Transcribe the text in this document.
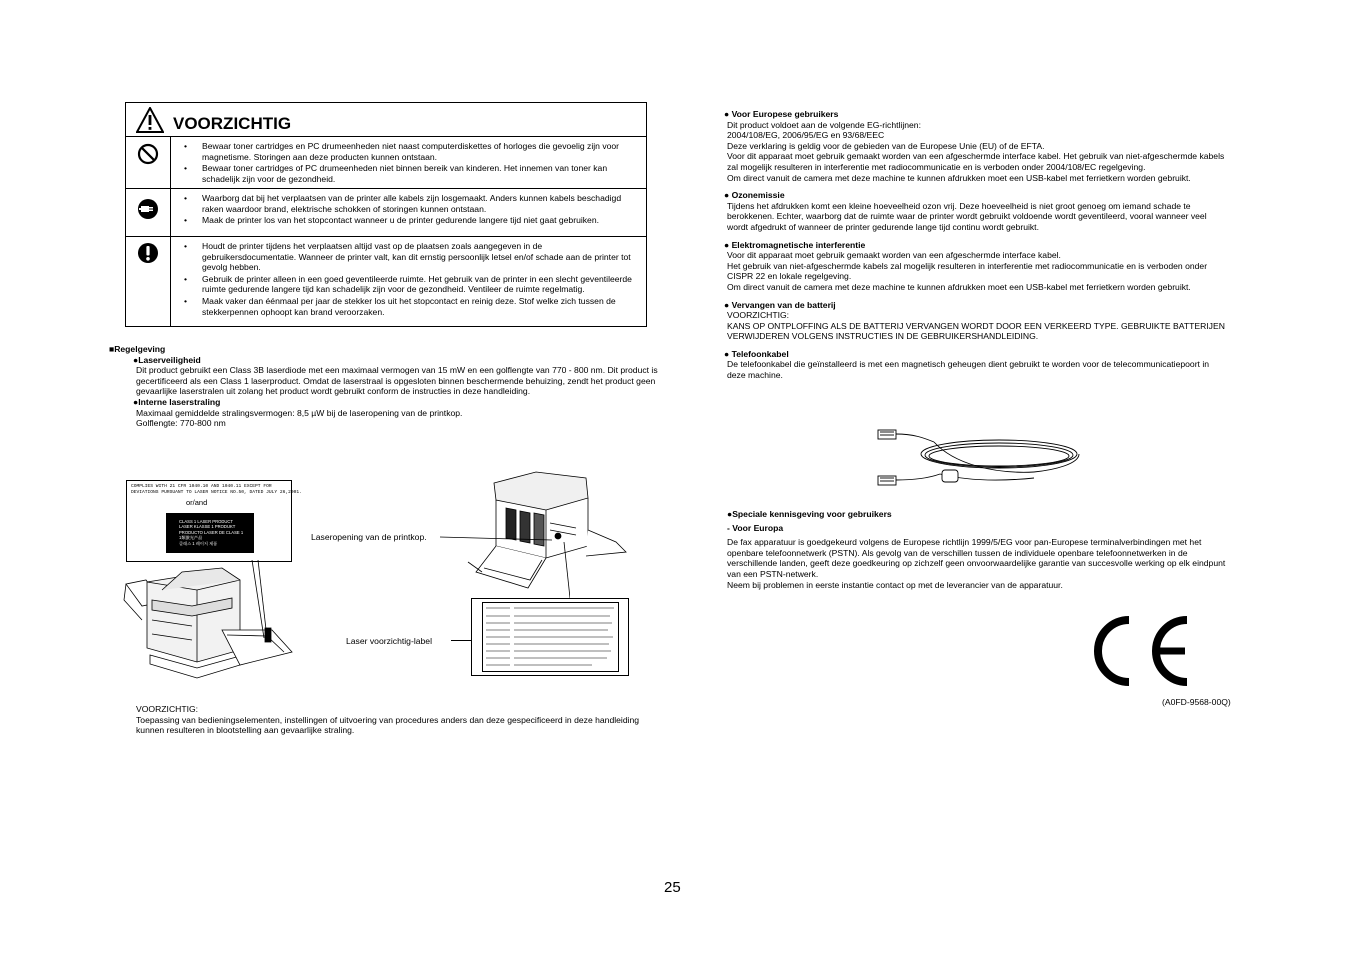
VOORZICHTIG
• Bewaar toner cartridges en PC drumeenheden niet naast computerdiskettes of horloges die gevoelig zijn voor magnetisme. Storingen aan deze producten kunnen ontstaan.
• Bewaar toner cartridges of PC drumeenheden niet binnen bereik van kinderen. Het innemen van toner kan schadelijk zijn voor de gezondheid.
• Waarborg dat bij het verplaatsen van de printer alle kabels zijn losgemaakt. Anders kunnen kabels beschadigd raken waardoor brand, elektrische schokken of storingen kunnen ontstaan.
• Maak de printer los van het stopcontact wanneer u de printer gedurende langere tijd niet gaat gebruiken.
• Houdt de printer tijdens het verplaatsen altijd vast op de plaatsen zoals aangegeven in de gebruikersdocumentatie. Wanneer de printer valt, kan dit ernstig persoonlijk letsel en/of schade aan de printer tot gevolg hebben.
• Gebruik de printer alleen in een goed geventileerde ruimte. Het gebruik van de printer in een slecht geventileerde ruimte gedurende langere tijd kan schadelijk zijn voor de gezondheid. Ventileer de ruimte regelmatig.
• Maak vaker dan éénmaal per jaar de stekker los uit het stopcontact en reinig deze. Stof welke zich tussen de stekkerpennen ophoopt kan brand veroorzaken.

■Regelgeving

●Laserveiligheid

Dit product gebruikt een Class 3B laserdiode met een maximaal vermogen van 15 mW en een golflengte van 770 - 800 nm. Dit product is gecertificeerd als een Class 1 laserproduct. Omdat de laserstraal is opgesloten binnen beschermende behuizing, zendt het product geen gevaarlijke laserstralen uit zolang het product wordt gebruikt conform de instructies in deze handleiding.

●Interne laserstraling

Maximaal gemiddelde stralingsvermogen: 8,5 µW bij de laseropening van de printkop.

Golflengte: 770-800 nm

COMPLIES WITH 21 CFR 1040.10 AND 1040.11 EXCEPT FOR
DEVIATIONS PURSUANT TO LASER NOTICE NO.50, DATED JULY 26,2001.
or/and
CLASS 1 LASER PRODUCT
LASER KLASSE 1 PRODUKT
PRODUCTO LASER DE CLASE 1
1類激光产品
클래스 1 레이저 제품
Laseropening van de printkop.
Laser voorzichtig-label

VOORZICHTIG:

Toepassing van bedieningselementen, instellingen of uitvoering van procedures anders dan deze gespecificeerd in deze handleiding kunnen resulteren in blootstelling aan gevaarlijke straling.

● Voor Europese gebruikers

Dit product voldoet aan de volgende EG-richtlijnen:

2004/108/EG, 2006/95/EG en 93/68/EEC

Deze verklaring is geldig voor de gebieden van de Europese Unie (EU) of de EFTA.

Voor dit apparaat moet gebruik gemaakt worden van een afgeschermde interface kabel. Het gebruik van niet-afgeschermde kabels zal mogelijk resulteren in interferentie met radiocommunicatie en is verboden onder 2004/108/EC regelgeving.

Om direct vanuit de camera met deze machine te kunnen afdrukken moet een USB-kabel met ferrietkern worden gebruikt.

● Ozonemissie

Tijdens het afdrukken komt een kleine hoeveelheid ozon vrij. Deze hoeveelheid is niet groot genoeg om iemand schade te berokkenen. Echter, waarborg dat de ruimte waar de printer wordt gebruikt voldoende wordt geventileerd, vooral wanneer veel wordt afgedrukt of wanneer de printer gedurende lange tijd continu wordt gebruikt.

● Elektromagnetische interferentie

Voor dit apparaat moet gebruik gemaakt worden van een afgeschermde interface kabel.

Het gebruik van niet-afgeschermde kabels zal mogelijk resulteren in interferentie met radiocommunicatie en is verboden onder CISPR 22 en lokale regelgeving.

Om direct vanuit de camera met deze machine te kunnen afdrukken moet een USB-kabel met ferrietkern worden gebruikt.

● Vervangen van de batterij

VOORZICHTIG:

KANS OP ONTPLOFFING ALS DE BATTERIJ VERVANGEN WORDT DOOR EEN VERKEERD TYPE. GEBRUIKTE BATTERIJEN VERWIJDEREN VOLGENS INSTRUCTIES IN DE GEBRUIKERSHANDLEIDING.

● Telefoonkabel

De telefoonkabel die geïnstalleerd is met een magnetisch geheugen dient gebruikt te worden voor de telecommunicatiepoort in deze machine.

●Speciale kennisgeving voor gebruikers

- Voor Europa

De fax apparatuur is goedgekeurd volgens de Europese richtlijn 1999/5/EG voor pan-Europese terminalverbindingen met het openbare telefoonnetwerk (PSTN). Als gevolg van de verschillen tussen de individuele openbare telefoonnetwerken in de verschillende landen, geeft deze goedkeuring op zichzelf geen onvoorwaardelijke garantie van succesvolle werking op elk eindpunt van een PSTN-netwerk.

Neem bij problemen in eerste instantie contact op met de leverancier van de apparatuur.

(A0FD-9568-00Q)
25
